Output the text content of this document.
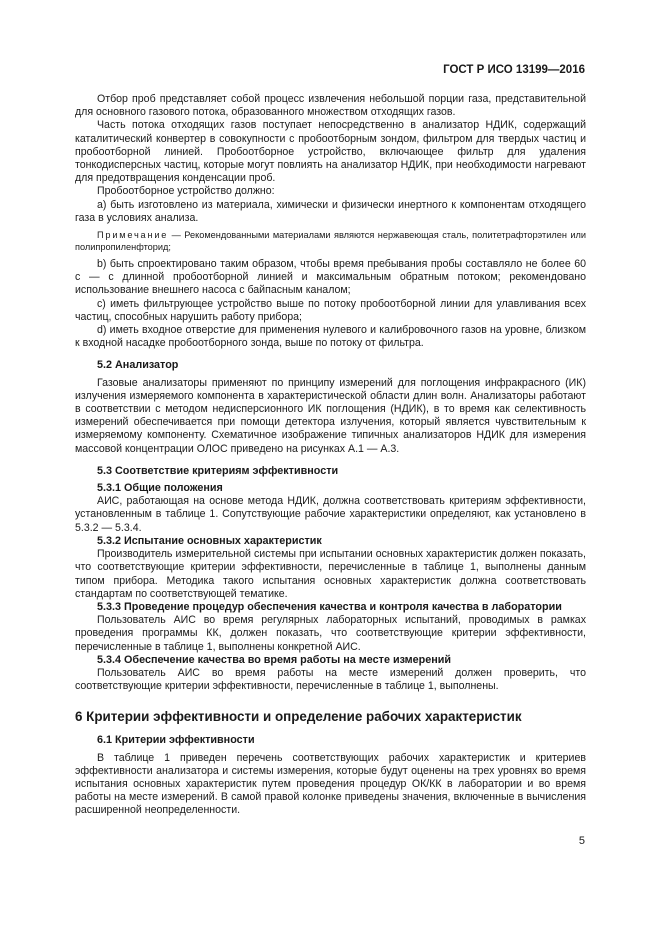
ГОСТ Р ИСО 13199—2016

Отбор проб представляет собой процесс извлечения небольшой порции газа, представительной для основного газового потока, образованного множеством отходящих газов.

Часть потока отходящих газов поступает непосредственно в анализатор НДИК, содержащий каталитический конвертер в совокупности с пробоотборным зондом, фильтром для твердых частиц и пробоотборной линией. Пробоотборное устройство, включающее фильтр для удаления тонкодисперсных частиц, которые могут повлиять на анализатор НДИК, при необходимости нагревают для предотвращения конденсации проб.

Пробоотборное устройство должно:

a) быть изготовлено из материала, химически и физически инертного к компонентам отходящего газа в условиях анализа.

Примечание — Рекомендованными материалами являются нержавеющая сталь, политетрафторэтилен или полипропиленфторид;

b) быть спроектировано таким образом, чтобы время пребывания пробы составляло не более 60 с — с длинной пробоотборной линией и максимальным обратным потоком; рекомендовано использование внешнего насоса с байпасным каналом;

c) иметь фильтрующее устройство выше по потоку пробоотборной линии для улавливания всех частиц, способных нарушить работу прибора;

d) иметь входное отверстие для применения нулевого и калибровочного газов на уровне, близком к входной насадке пробоотборного зонда, выше по потоку от фильтра.

5.2 Анализатор

Газовые анализаторы применяют по принципу измерений для поглощения инфракрасного (ИК) излучения измеряемого компонента в характеристической области длин волн. Анализаторы работают в соответствии с методом недисперсионного ИК поглощения (НДИК), в то время как селективность измерений обеспечивается при помощи детектора излучения, который является чувствительным к измеряемому компоненту. Схематичное изображение типичных анализаторов НДИК для измерения массовой концентрации ОЛОС приведено на рисунках А.1 — А.3.

5.3 Соответствие критериям эффективности
5.3.1 Общие положения

АИС, работающая на основе метода НДИК, должна соответствовать критериям эффективности, установленным в таблице 1. Сопутствующие рабочие характеристики определяют, как установлено в 5.3.2 — 5.3.4.

5.3.2 Испытание основных характеристик

Производитель измерительной системы при испытании основных характеристик должен показать, что соответствующие критерии эффективности, перечисленные в таблице 1, выполнены данным типом прибора. Методика такого испытания основных характеристик должна соответствовать стандартам по соответствующей тематике.

5.3.3 Проведение процедур обеспечения качества и контроля качества в лаборатории

Пользователь АИС во время регулярных лабораторных испытаний, проводимых в рамках проведения программы КК, должен показать, что соответствующие критерии эффективности, перечисленные в таблице 1, выполнены конкретной АИС.

5.3.4 Обеспечение качества во время работы на месте измерений

Пользователь АИС во время работы на месте измерений должен проверить, что соответствующие критерии эффективности, перечисленные в таблице 1, выполнены.

6 Критерии эффективности и определение рабочих характеристик
6.1 Критерии эффективности

В таблице 1 приведен перечень соответствующих рабочих характеристик и критериев эффективности анализатора и системы измерения, которые будут оценены на трех уровнях во время испытания основных характеристик путем проведения процедур ОК/КК в лаборатории и во время работы на месте измерений. В самой правой колонке приведены значения, включенные в вычисления расширенной неопределенности.

5
